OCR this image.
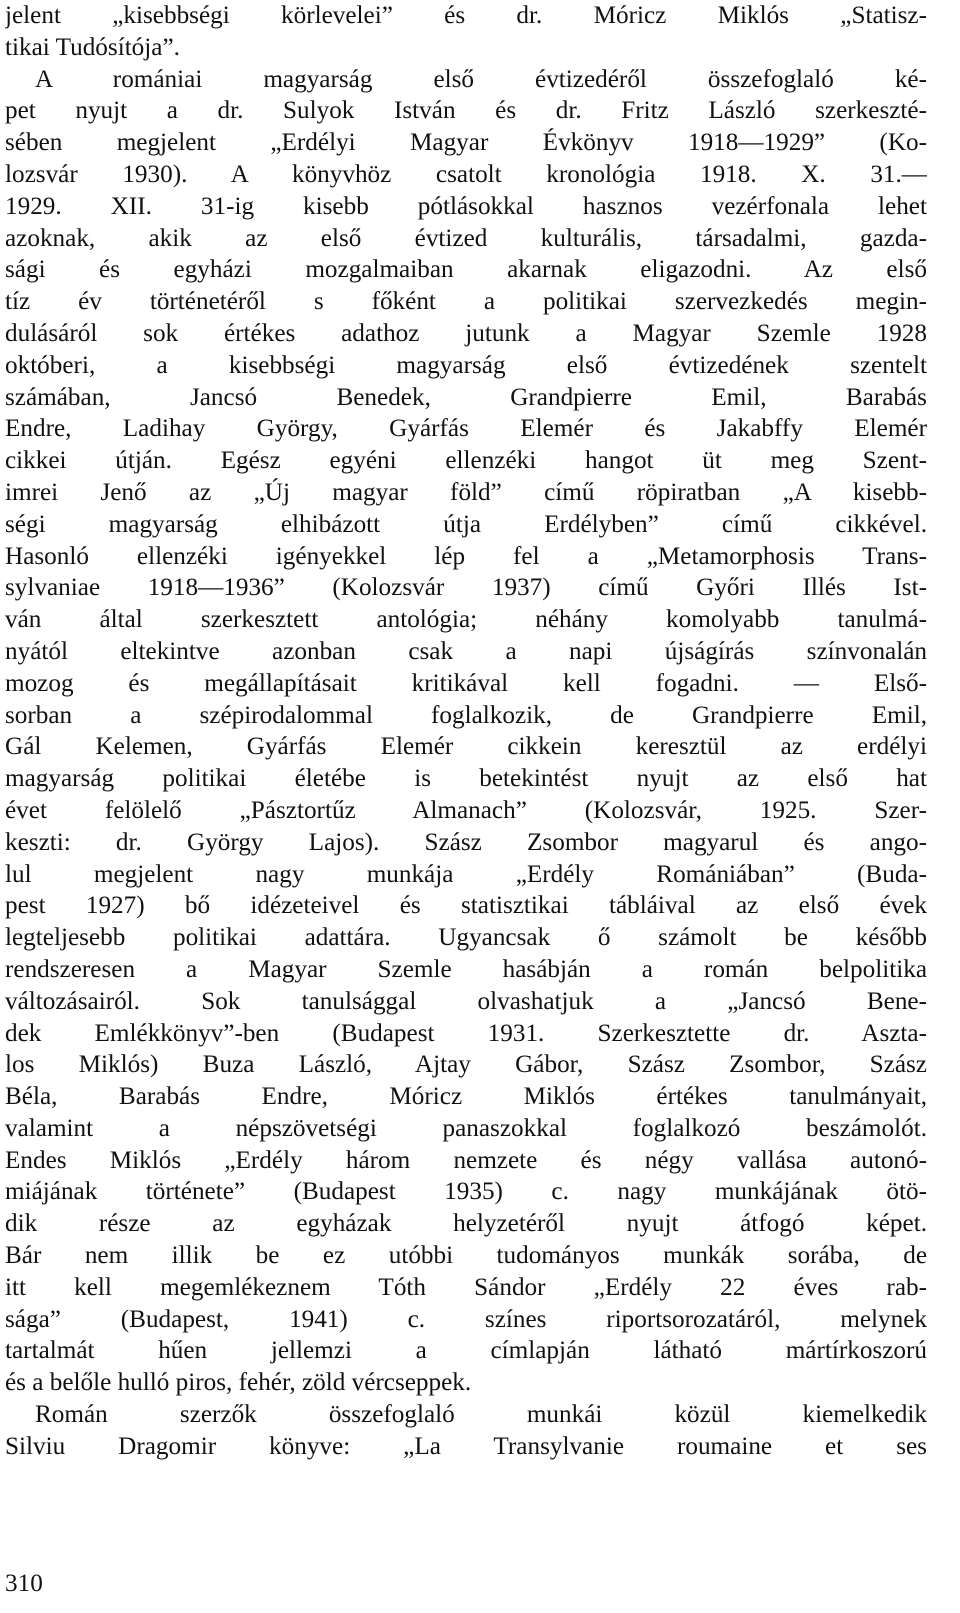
jelent „kisebbségi körlevelei” és dr. Móricz Miklós „Statisz-
tikai Tudósítója”.
A romániai magyarság első évtizedéről összefoglaló ké-
pet nyujt a dr. Sulyok István és dr. Fritz László szerkeszté-
sében megjelent „Erdélyi Magyar Évkönyv 1918—1929” (Ko-
lozsvár 1930). A könyvhöz csatolt kronológia 1918. X. 31.—
1929. XII. 31-ig kisebb pótlásokkal hasznos vezérfonala lehet
azoknak, akik az első évtized kulturális, társadalmi, gazda-
sági és egyházi mozgalmaiban akarnak eligazodni. Az első
tíz év történetéről s főként a politikai szervezkedés megin-
dulásáról sok értékes adathoz jutunk a Magyar Szemle 1928
októberi, a kisebbségi magyarság első évtizedének szentelt
számában, Jancsó Benedek, Grandpierre Emil, Barabás
Endre, Ladihay György, Gyárfás Elemér és Jakabffy Elemér
cikkei útján. Egész egyéni ellenzéki hangot üt meg Szent-
imrei Jenő az „Új magyar föld” című röpiratban „A kisebb-
ségi magyarság elhibázott útja Erdélyben” című cikkével.
Hasonló ellenzéki igényekkel lép fel a „Metamorphosis Trans-
sylvaniae 1918—1936” (Kolozsvár 1937) című Győri Illés Ist-
ván által szerkesztett antológia; néhány komolyabb tanulmá-
nyától eltekintve azonban csak a napi újságírás színvonalán
mozog és megállapításait kritikával kell fogadni. — Első-
sorban a szépirodalommal foglalkozik, de Grandpierre Emil,
Gál Kelemen, Gyárfás Elemér cikkein keresztül az erdélyi
magyarság politikai életébe is betekintést nyujt az első hat
évet felölelő „Pásztortűz Almanach” (Kolozsvár, 1925. Szer-
keszti: dr. György Lajos). Szász Zsombor magyarul és ango-
lul megjelent nagy munkája „Erdély Romániában” (Buda-
pest 1927) bő idézeteivel és statisztikai tábláival az első évek
legteljesebb politikai adattára. Ugyancsak ő számolt be később
rendszeresen a Magyar Szemle hasábján a román belpolitika
változásairól. Sok tanulsággal olvashatjuk a „Jancsó Bene-
dek Emlékkönyv”-ben (Budapest 1931. Szerkesztette dr. Aszta-
los Miklós) Buza László, Ajtay Gábor, Szász Zsombor, Szász
Béla, Barabás Endre, Móricz Miklós értékes tanulmányait,
valamint a népszövetségi panaszokkal foglalkozó beszámolót.
Endes Miklós „Erdély három nemzete és négy vallása autonó-
miájának története” (Budapest 1935) c. nagy munkájának ötö-
dik része az egyházak helyzetéről nyujt átfogó képet.
Bár nem illik be ez utóbbi tudományos munkák sorába, de
itt kell megemlékeznem Tóth Sándor „Erdély 22 éves rab-
sága” (Budapest, 1941) c. színes riportsorozatáról, melynek
tartalmát hűen jellemzi a címlapján látható mártírkoszorú
és a belőle hulló piros, fehér, zöld vércseppek.
Román szerzők összefoglaló munkái közül kiemelkedik
Silviu Dragomir könyve: „La Transylvanie roumaine et ses
310
